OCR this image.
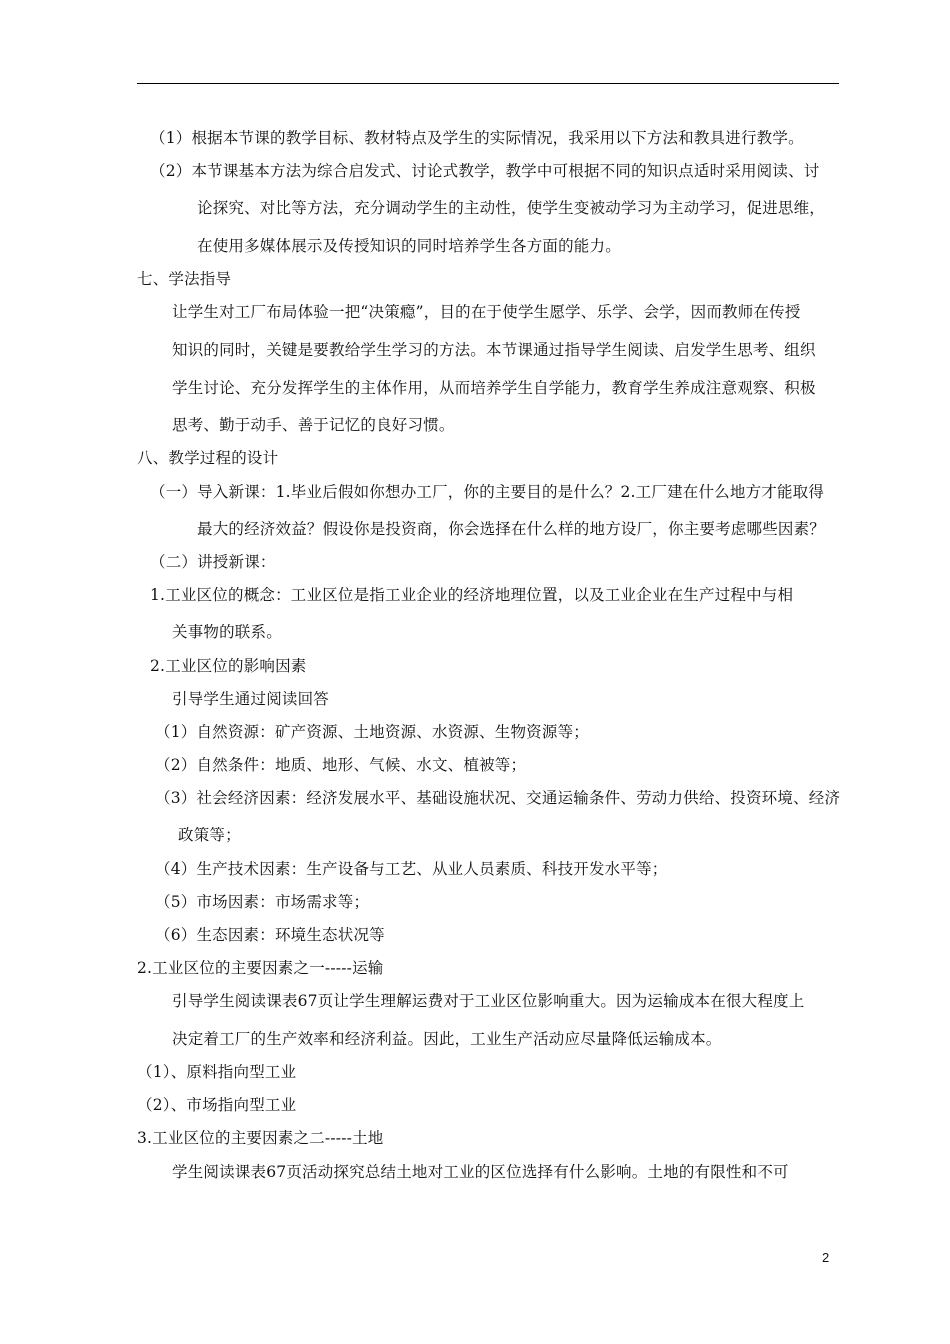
（1）根据本节课的教学目标、教材特点及学生的实际情况，我采用以下方法和教具进行教学。
（2）本节课基本方法为综合启发式、讨论式教学，教学中可根据不同的知识点适时采用阅读、讨
论探究、对比等方法，充分调动学生的主动性，使学生变被动学习为主动学习，促进思维，
在使用多媒体展示及传授知识的同时培养学生各方面的能力。
七、学法指导
让学生对工厂布局体验一把“决策瘾”，目的在于使学生愿学、乐学、会学，因而教师在传授
知识的同时，关键是要教给学生学习的方法。本节课通过指导学生阅读、启发学生思考、组织
学生讨论、充分发挥学生的主体作用，从而培养学生自学能力，教育学生养成注意观察、积极
思考、勤于动手、善于记忆的良好习惯。
八、教学过程的设计
（一）导入新课：1.毕业后假如你想办工厂，你的主要目的是什么？2.工厂建在什么地方才能取得
最大的经济效益？假设你是投资商，你会选择在什么样的地方设厂，你主要考虑哪些因素？
（二）讲授新课：
1.工业区位的概念：工业区位是指工业企业的经济地理位置，以及工业企业在生产过程中与相
关事物的联系。
2.工业区位的影响因素
引导学生通过阅读回答
（1）自然资源：矿产资源、土地资源、水资源、生物资源等；
（2）自然条件：地质、地形、气候、水文、植被等；
（3）社会经济因素：经济发展水平、基础设施状况、交通运输条件、劳动力供给、投资环境、经济
政策等；
（4）生产技术因素：生产设备与工艺、从业人员素质、科技开发水平等；
（5）市场因素：市场需求等；
（6）生态因素：环境生态状况等
2.工业区位的主要因素之一-----运输
引导学生阅读课表67页让学生理解运费对于工业区位影响重大。因为运输成本在很大程度上
决定着工厂的生产效率和经济利益。因此，工业生产活动应尽量降低运输成本。
（1）、原料指向型工业
（2）、市场指向型工业
3.工业区位的主要因素之二-----土地
学生阅读课表67页活动探究总结土地对工业的区位选择有什么影响。土地的有限性和不可
2
